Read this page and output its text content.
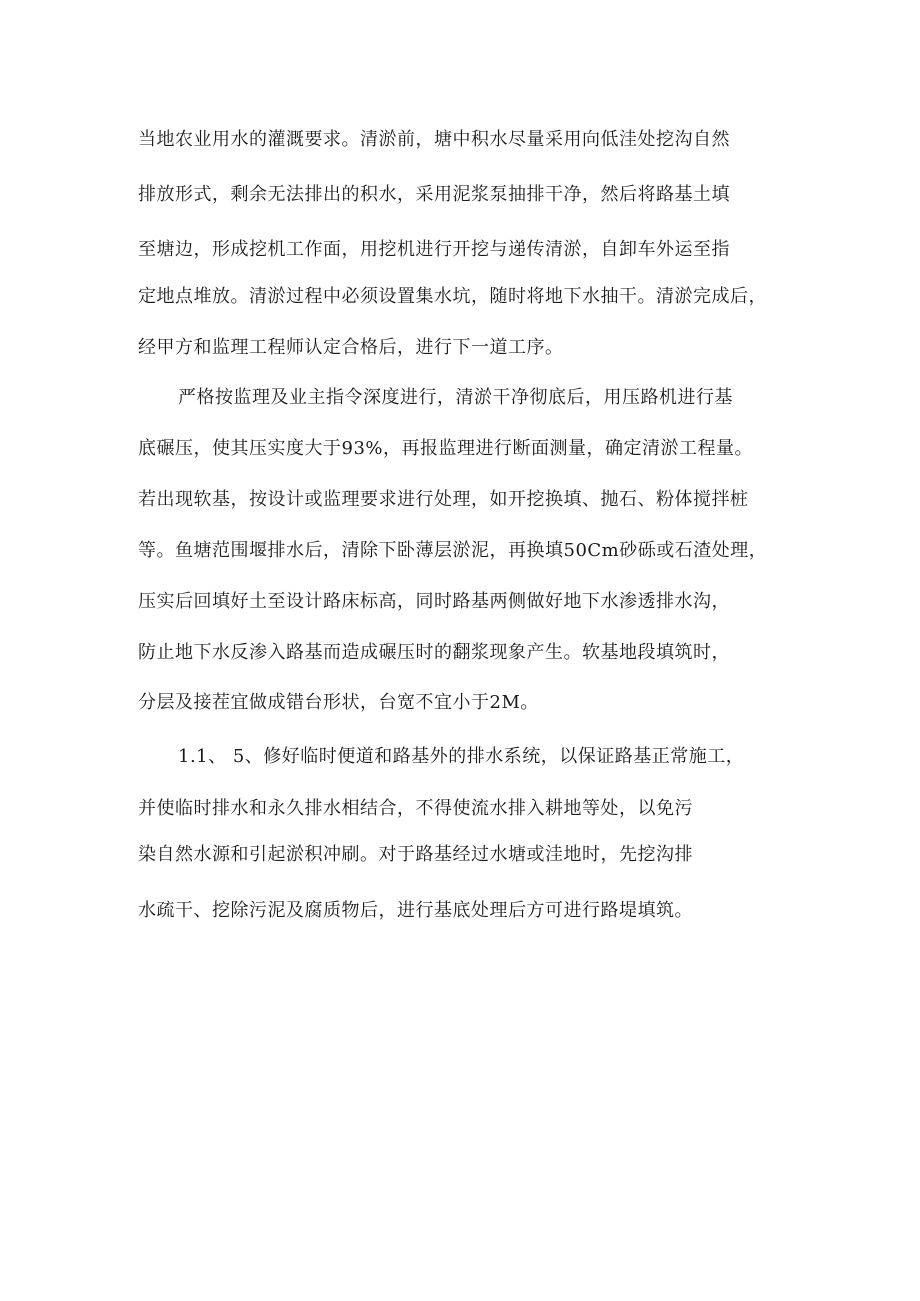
当地农业用水的灌溉要求。清淤前，塘中积水尽量采用向低洼处挖沟自然
排放形式，剩余无法排出的积水，采用泥浆泵抽排干净，然后将路基土填
至塘边，形成挖机工作面，用挖机进行开挖与递传清淤，自卸车外运至指
定地点堆放。清淤过程中必须设置集水坑，随时将地下水抽干。清淤完成后，
经甲方和监理工程师认定合格后，进行下一道工序。
严格按监理及业主指令深度进行，清淤干净彻底后，用压路机进行基
底碾压，使其压实度大于93%，再报监理进行断面测量，确定清淤工程量。
若出现软基，按设计或监理要求进行处理，如开挖换填、抛石、粉体搅拌桩
等。鱼塘范围堰排水后，清除下卧薄层淤泥，再换填50Cm砂砾或石渣处理，
压实后回填好土至设计路床标高，同时路基两侧做好地下水渗透排水沟，
防止地下水反渗入路基而造成碾压时的翻浆现象产生。软基地段填筑时，
分层及接茬宜做成错台形状，台宽不宜小于2M。
1.1、 5、修好临时便道和路基外的排水系统，以保证路基正常施工，
并使临时排水和永久排水相结合，不得使流水排入耕地等处，以免污
染自然水源和引起淤积冲刷。对于路基经过水塘或洼地时，先挖沟排
水疏干、挖除污泥及腐质物后，进行基底处理后方可进行路堤填筑。
